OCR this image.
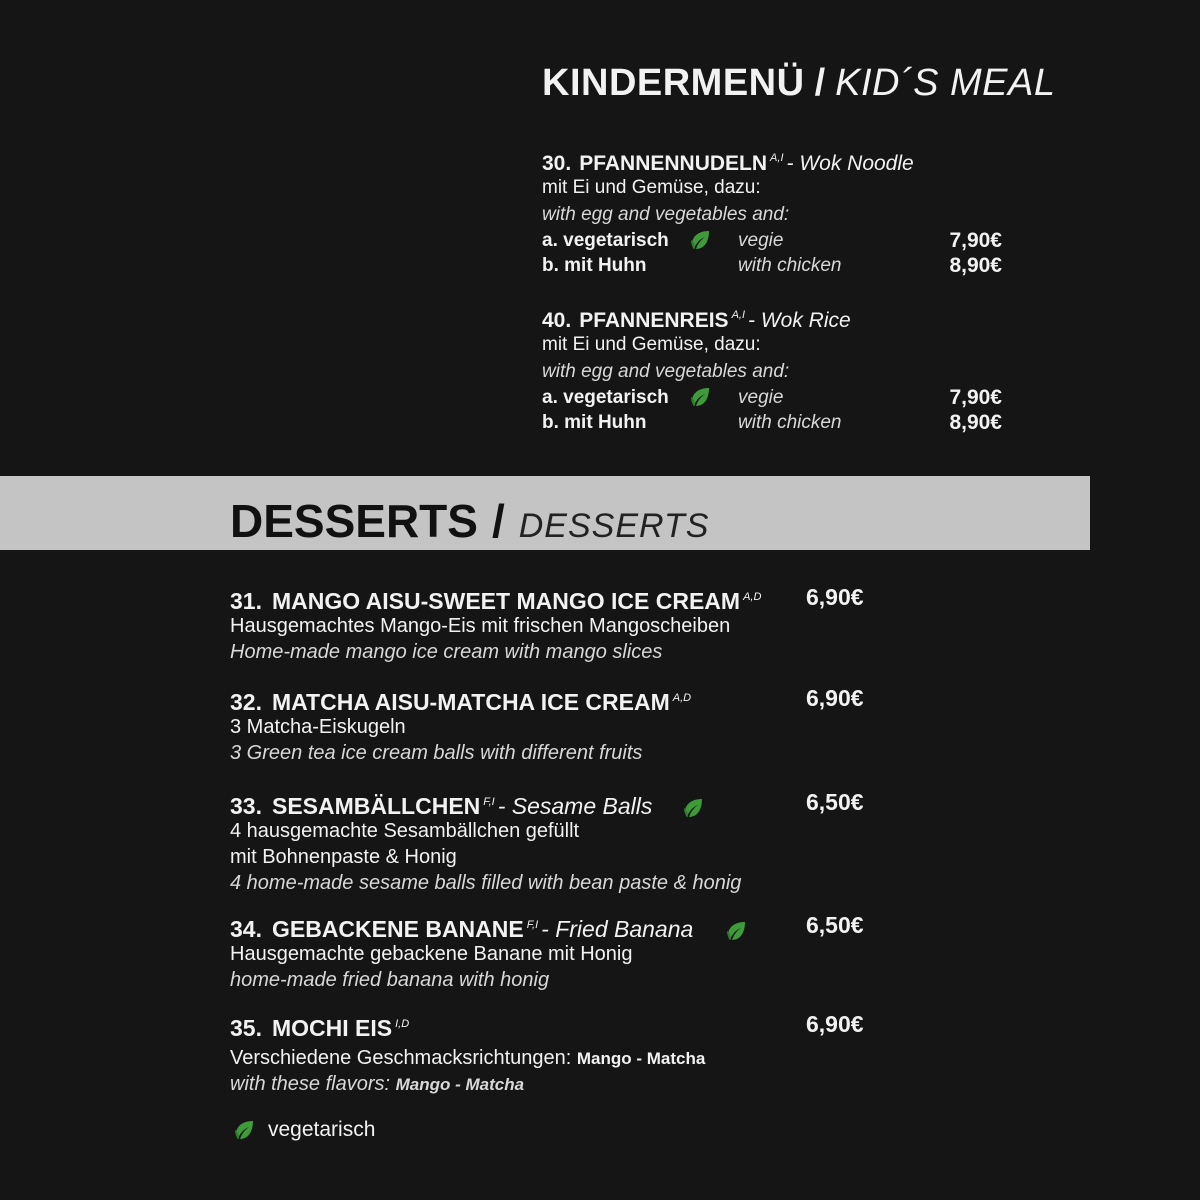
KINDERMENÜ / KID´S MEAL
30. PFANNENNUDELN $^{A,I}$ - Wok Noodle
mit Ei und Gemüse, dazu:
with egg and vegetables and:
a. vegetarisch	vegie	7,90€
b. mit Huhn	with chicken	8,90€
40. PFANNENREIS $^{A,I}$ - Wok Rice
mit Ei und Gemüse, dazu:
with egg and vegetables and:
a. vegetarisch	vegie	7,90€
b. mit Huhn	with chicken	8,90€
DESSERTS / DESSERTS
31. MANGO AISU-SWEET MANGO ICE CREAM $^{A,D}$ 6,90€
Hausgemachtes Mango-Eis mit frischen Mangoscheiben
Home-made mango ice cream with mango slices
32. MATCHA AISU-MATCHA ICE CREAM $^{A,D}$	6,90€
3 Matcha-Eiskugeln
3 Green tea ice cream balls with different fruits
33. SESAMBÄLLCHEN $^{F,I}$ - Sesame Balls	6,50€
4 hausgemachte Sesambällchen gefüllt
mit Bohnenpaste & Honig
4 home-made sesame balls filled with bean paste & honig
34. GEBACKENE BANANE $^{F,I}$ - Fried Banana	6,50€
Hausgemachte gebackene Banane mit Honig
home-made fried banana with honig
35. MOCHI EIS $^{I,D}$	6,90€
Verschiedene Geschmacksrichtungen: Mango - Matcha
with these flavors: Mango - Matcha
vegetarisch
